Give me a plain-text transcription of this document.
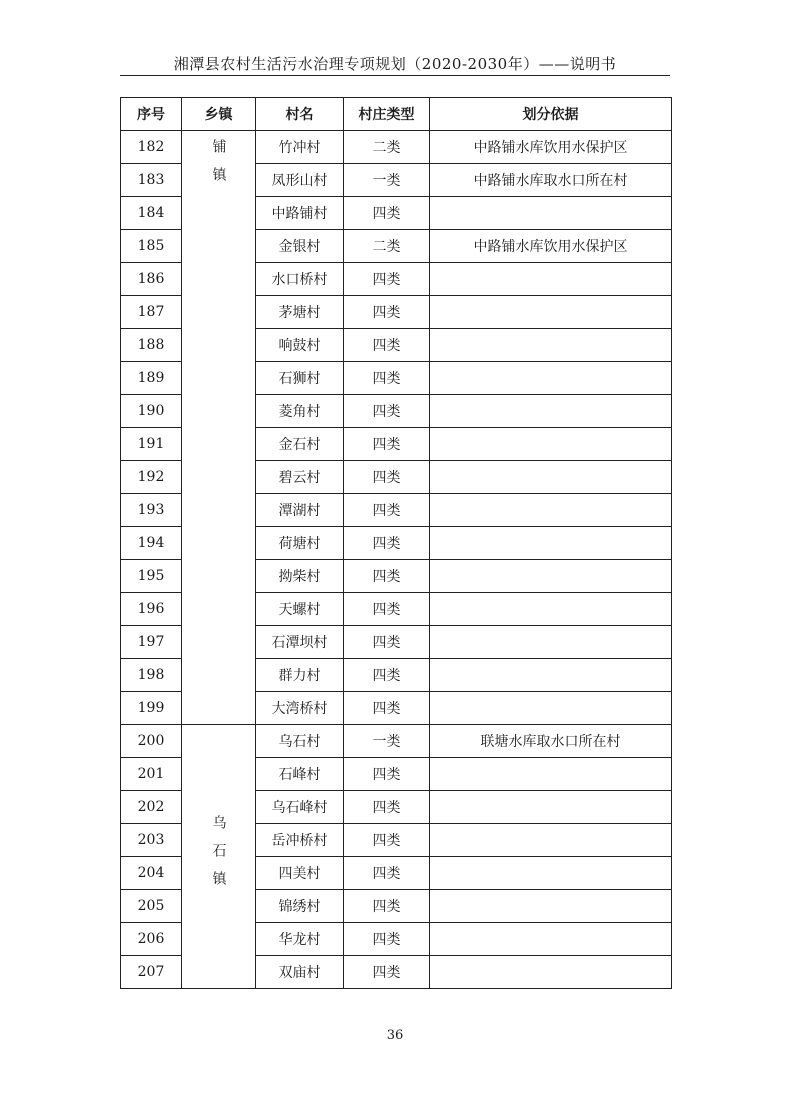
湘潭县农村生活污水治理专项规划（2020-2030年）——说明书
序号	乡镇	村名	村庄类型	划分依据
182	铺镇	竹冲村	二类	中路铺水库饮用水保护区
183		凤形山村	一类	中路铺水库取水口所在村
184		中路铺村	四类	
185		金银村	二类	中路铺水库饮用水保护区
186		水口桥村	四类	
187		茅塘村	四类	
188		响鼓村	四类	
189		石狮村	四类	
190		菱角村	四类	
191		金石村	四类	
192		碧云村	四类	
193		潭湖村	四类	
194		荷塘村	四类	
195		拗柴村	四类	
196		天螺村	四类	
197		石潭坝村	四类	
198		群力村	四类	
199		大湾桥村	四类	
200	乌石镇	乌石村	一类	联塘水库取水口所在村
201		石峰村	四类	
202		乌石峰村	四类	
203		岳冲桥村	四类	
204		四美村	四类	
205		锦绣村	四类	
206		华龙村	四类	
207		双庙村	四类	
36
